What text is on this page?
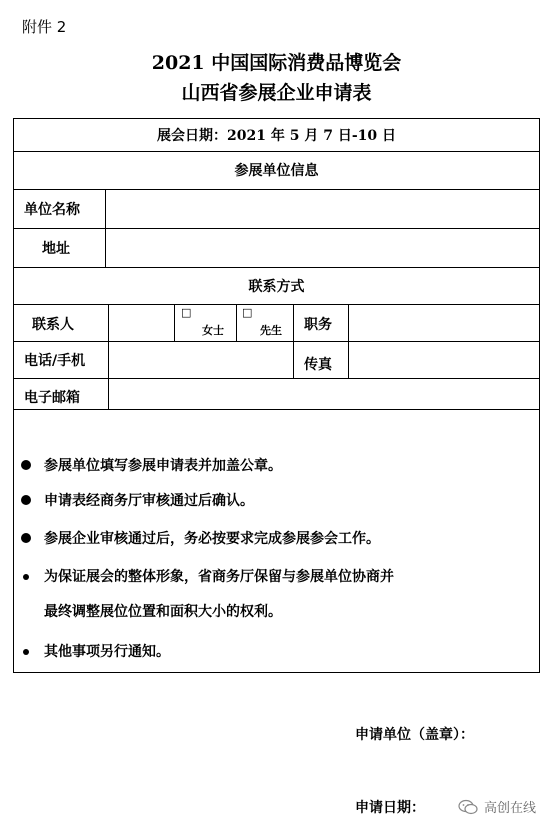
附件 2
2021 中国国际消费品博览会
山西省参展企业申请表
展会日期：2021 年 5 月 7 日-10 日
参展单位信息
单位名称
地址
联系方式
联系人
□
女士
□
先生 职务
电话/手机	传真
电子邮箱
参展单位填写参展申请表并加盖公章。
申请表经商务厅审核通过后确认。
参展企业审核通过后，务必按要求完成参展参会工作。
为保证展会的整体形象，省商务厅保留与参展单位协商并
最终调整展位位置和面积大小的权利。
其他事项另行通知。
申请单位（盖章）：
申请日期：	高创在线
